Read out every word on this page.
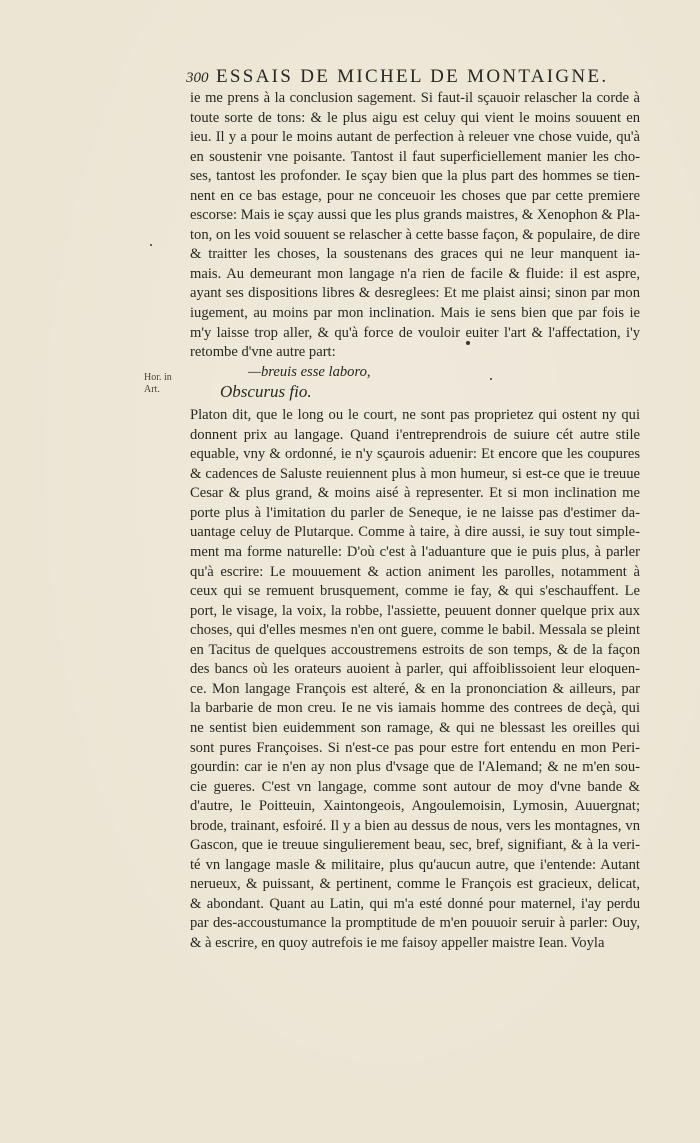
300 ESSAIS DE MICHEL DE MONTAIGNE.
Hor. in
Art.
ie me prens à la conclusion sagement. Si faut-il sçauoir relascher la corde à
toute sorte de tons: & le plus aigu est celuy qui vient le moins souuent en
ieu. Il y a pour le moins autant de perfection à releuer vne chose vuide, qu'à
en soustenir vne poisante. Tantost il faut superficiellement manier les cho-
ses, tantost les profonder. Ie sçay bien que la plus part des hommes se tien-
nent en ce bas estage, pour ne conceuoir les choses que par cette premiere
escorse: Mais ie sçay aussi que les plus grands maistres, & Xenophon & Pla-
ton, on les void souuent se relascher à cette basse façon, & populaire, de dire
& traitter les choses, la soustenans des graces qui ne leur manquent ia-
mais. Au demeurant mon langage n'a rien de facile & fluide: il est aspre,
ayant ses dispositions libres & desreglees: Et me plaist ainsi; sinon par mon
iugement, au moins par mon inclination. Mais ie sens bien que par fois ie
m'y laisse trop aller, & qu'à force de vouloir euiter l'art & l'affectation, i'y
retombe d'vne autre part:
—breuis esse laboro,
Obscurus fio.
Platon dit, que le long ou le court, ne sont pas proprietez qui ostent ny qui
donnent prix au langage. Quand i'entreprendrois de suiure cét autre stile
equable, vny & ordonné, ie n'y sçaurois aduenir: Et encore que les coupures
& cadences de Saluste reuiennent plus à mon humeur, si est-ce que ie treuue
Cesar & plus grand, & moins aisé à representer. Et si mon inclination me
porte plus à l'imitation du parler de Seneque, ie ne laisse pas d'estimer da-
uantage celuy de Plutarque. Comme à taire, à dire aussi, ie suy tout simple-
ment ma forme naturelle: D'où c'est à l'aduanture que ie puis plus, à parler
qu'à escrire: Le mouuement & action animent les parolles, notamment à
ceux qui se remuent brusquement, comme ie fay, & qui s'eschauffent. Le
port, le visage, la voix, la robbe, l'assiette, peuuent donner quelque prix aux
choses, qui d'elles mesmes n'en ont guere, comme le babil. Messala se pleint
en Tacitus de quelques accoustremens estroits de son temps, & de la façon
des bancs où les orateurs auoient à parler, qui affoiblissoient leur eloquen-
ce. Mon langage François est alteré, & en la prononciation & ailleurs, par
la barbarie de mon creu. Ie ne vis iamais homme des contrees de deçà, qui
ne sentist bien euidemment son ramage, & qui ne blessast les oreilles qui
sont pures Françoises. Si n'est-ce pas pour estre fort entendu en mon Peri-
gourdin: car ie n'en ay non plus d'vsage que de l'Alemand; & ne m'en sou-
cie gueres. C'est vn langage, comme sont autour de moy d'vne bande &
d'autre, le Poitteuin, Xaintongeois, Angoulemoisin, Lymosin, Auuergnat;
brode, trainant, esfoiré. Il y a bien au dessus de nous, vers les montagnes, vn
Gascon, que ie treuue singulierement beau, sec, bref, signifiant, & à la veri-
té vn langage masle & militaire, plus qu'aucun autre, que i'entende: Autant
nerueux, & puissant, & pertinent, comme le François est gracieux, delicat,
& abondant. Quant au Latin, qui m'a esté donné pour maternel, i'ay perdu
par des-accoustumance la promptitude de m'en pouuoir seruir à parler: Ouy,
& à escrire, en quoy autrefois ie me faisoy appeller maistre Iean. Voyla
